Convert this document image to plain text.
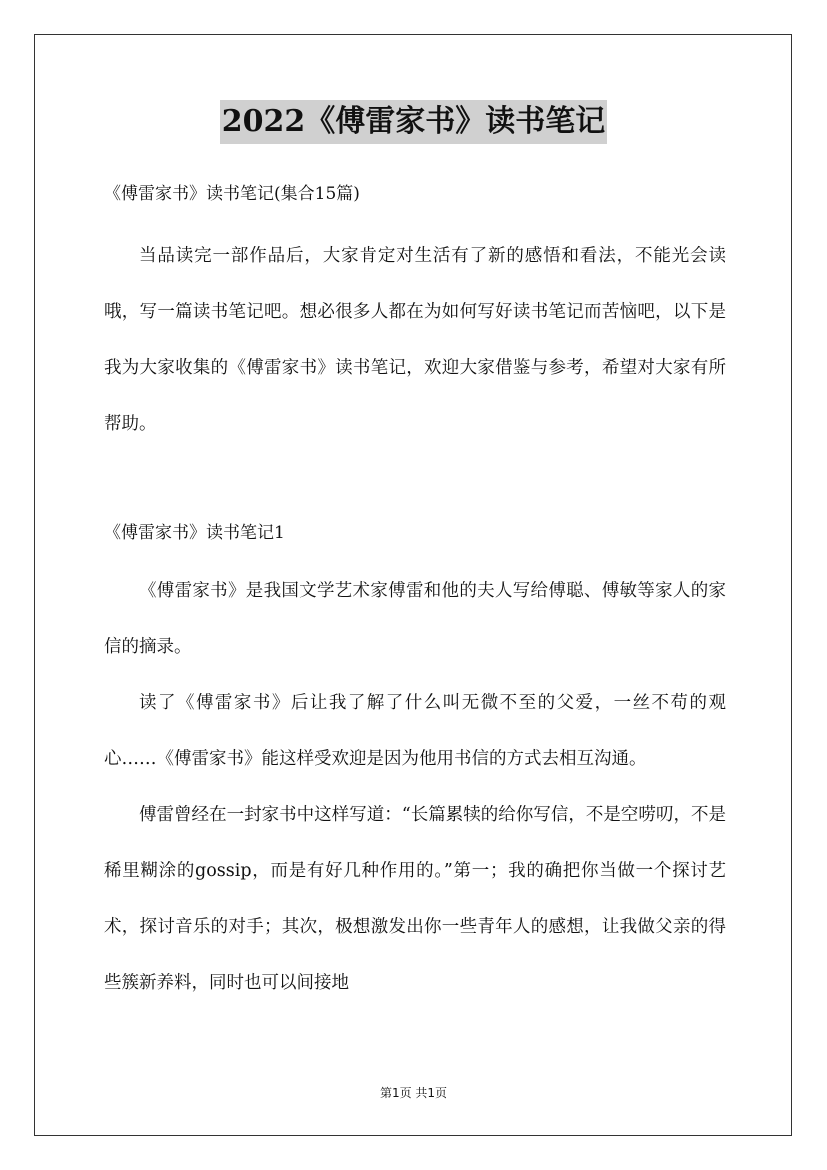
2022《傅雷家书》读书笔记

《傅雷家书》读书笔记(集合15篇)

当品读完一部作品后，大家肯定对生活有了新的感悟和看法，不能光会读哦，写一篇读书笔记吧。想必很多人都在为如何写好读书笔记而苦恼吧，以下是我为大家收集的《傅雷家书》读书笔记，欢迎大家借鉴与参考，希望对大家有所帮助。

《傅雷家书》读书笔记1

《傅雷家书》是我国文学艺术家傅雷和他的夫人写给傅聪、傅敏等家人的家信的摘录。

读了《傅雷家书》后让我了解了什么叫无微不至的父爱，一丝不苟的观心……《傅雷家书》能这样受欢迎是因为他用书信的方式去相互沟通。

傅雷曾经在一封家书中这样写道：“长篇累犊的给你写信，不是空唠叨，不是稀里糊涂的gossip，而是有好几种作用的。”第一；我的确把你当做一个探讨艺术，探讨音乐的对手；其次，极想激发出你一些青年人的感想，让我做父亲的得些簇新养料，同时也可以间接地

第1页 共1页
